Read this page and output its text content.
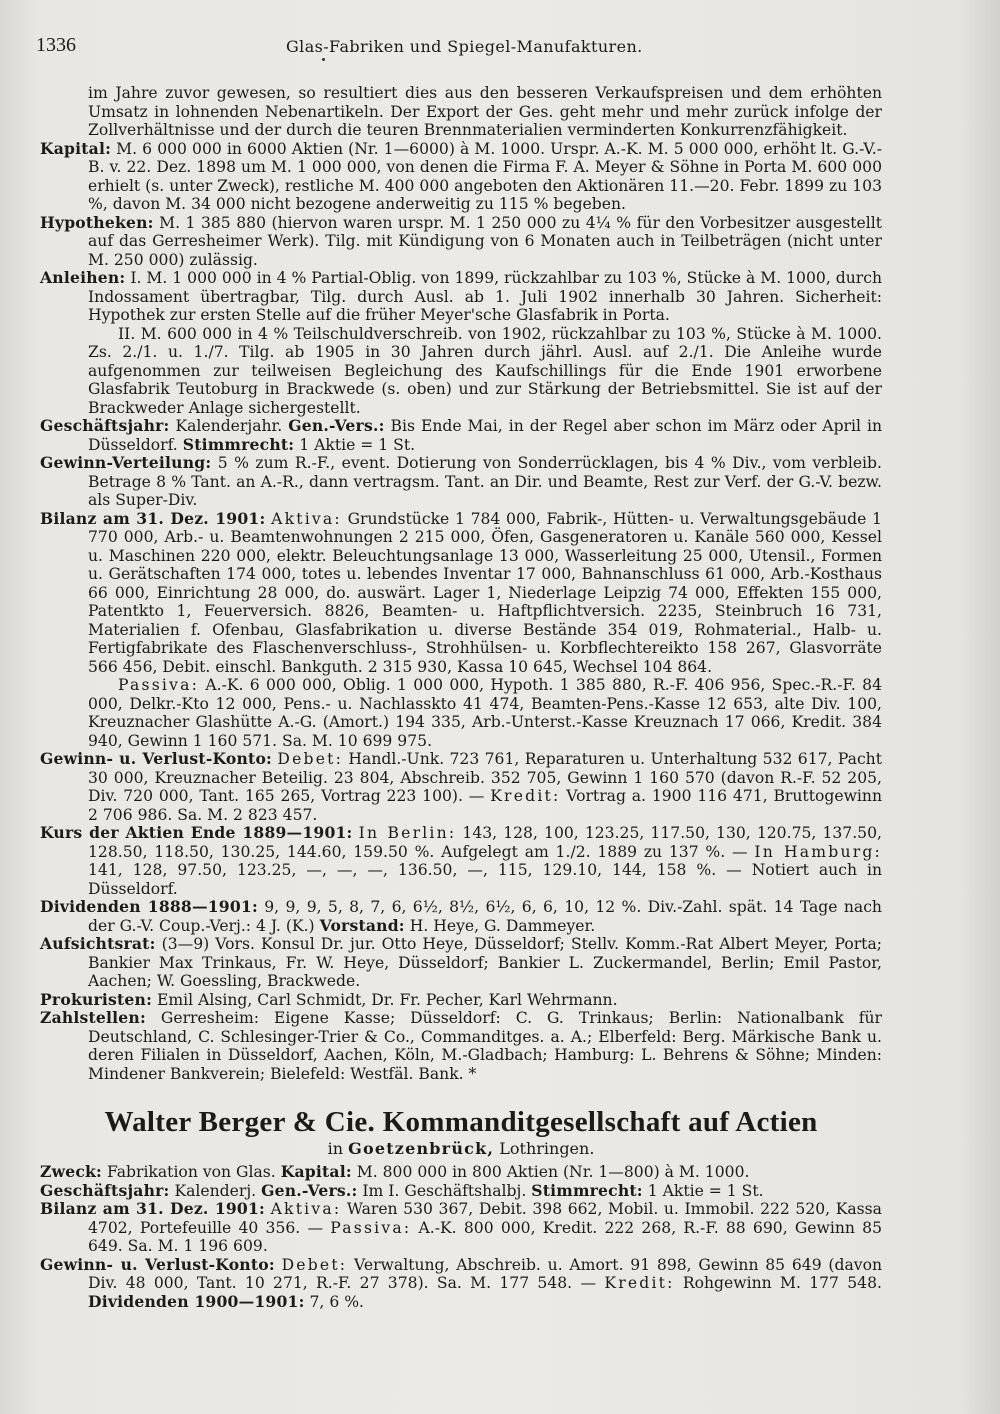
1336	Glas-Fabriken und Spiegel-Manufakturen.

im Jahre zuvor gewesen, so resultiert dies aus den besseren Verkaufspreisen und dem erhöhten Umsatz in lohnenden Nebenartikeln. Der Export der Ges. geht mehr und mehr zurück infolge der Zollverhältnisse und der durch die teuren Brennmaterialien verminderten Konkurrenzfähigkeit.

Kapital: M. 6 000 000 in 6000 Aktien (Nr. 1—6000) à M. 1000. Urspr. A.-K. M. 5 000 000, erhöht lt. G.-V.-B. v. 22. Dez. 1898 um M. 1 000 000, von denen die Firma F. A. Meyer & Söhne in Porta M. 600 000 erhielt (s. unter Zweck), restliche M. 400 000 angeboten den Aktionären 11.—20. Febr. 1899 zu 103 %, davon M. 34 000 nicht bezogene anderweitig zu 115 % begeben.

Hypotheken: M. 1 385 880 (hiervon waren urspr. M. 1 250 000 zu 4¼ % für den Vorbesitzer ausgestellt auf das Gerresheimer Werk). Tilg. mit Kündigung von 6 Monaten auch in Teilbeträgen (nicht unter M. 250 000) zulässig.

Anleihen: I. M. 1 000 000 in 4 % Partial-Oblig. von 1899, rückzahlbar zu 103 %, Stücke à M. 1000, durch Indossament übertragbar, Tilg. durch Ausl. ab 1. Juli 1902 innerhalb 30 Jahren. Sicherheit: Hypothek zur ersten Stelle auf die früher Meyer'sche Glasfabrik in Porta.

II. M. 600 000 in 4 % Teilschuldverschreib. von 1902, rückzahlbar zu 103 %, Stücke à M. 1000. Zs. 2./1. u. 1./7. Tilg. ab 1905 in 30 Jahren durch jährl. Ausl. auf 2./1. Die Anleihe wurde aufgenommen zur teilweisen Begleichung des Kaufschillings für die Ende 1901 erworbene Glasfabrik Teutoburg in Brackwede (s. oben) und zur Stärkung der Betriebsmittel. Sie ist auf der Brackweder Anlage sichergestellt.

Geschäftsjahr: Kalenderjahr. Gen.-Vers.: Bis Ende Mai, in der Regel aber schon im März oder April in Düsseldorf. Stimmrecht: 1 Aktie = 1 St.

Gewinn-Verteilung: 5 % zum R.-F., event. Dotierung von Sonderrücklagen, bis 4 % Div., vom verbleib. Betrage 8 % Tant. an A.-R., dann vertragsm. Tant. an Dir. und Beamte, Rest zur Verf. der G.-V. bezw. als Super-Div.

Bilanz am 31. Dez. 1901: Aktiva: Grundstücke 1 784 000, Fabrik-, Hütten- u. Verwaltungsgebäude 1 770 000, Arb.- u. Beamtenwohnungen 2 215 000, Öfen, Gasgeneratoren u. Kanäle 560 000, Kessel u. Maschinen 220 000, elektr. Beleuchtungsanlage 13 000, Wasserleitung 25 000, Utensil., Formen u. Gerätschaften 174 000, totes u. lebendes Inventar 17 000, Bahnanschluss 61 000, Arb.-Kosthaus 66 000, Einrichtung 28 000, do. auswärt. Lager 1, Niederlage Leipzig 74 000, Effekten 155 000, Patentkto 1, Feuerversich. 8826, Beamten- u. Haftpflichtversich. 2235, Steinbruch 16 731, Materialien f. Ofenbau, Glasfabrikation u. diverse Bestände 354 019, Rohmaterial., Halb- u. Fertigfabrikate des Flaschenverschluss-, Strohhülsen- u. Korbflechtereikto 158 267, Glasvorräte 566 456, Debit. einschl. Bankguth. 2 315 930, Kassa 10 645, Wechsel 104 864.

Passiva: A.-K. 6 000 000, Oblig. 1 000 000, Hypoth. 1 385 880, R.-F. 406 956, Spec.-R.-F. 84 000, Delkr.-Kto 12 000, Pens.- u. Nachlasskto 41 474, Beamten-Pens.-Kasse 12 653, alte Div. 100, Kreuznacher Glashütte A.-G. (Amort.) 194 335, Arb.-Unterst.-Kasse Kreuznach 17 066, Kredit. 384 940, Gewinn 1 160 571. Sa. M. 10 699 975.

Gewinn- u. Verlust-Konto: Debet: Handl.-Unk. 723 761, Reparaturen u. Unterhaltung 532 617, Pacht 30 000, Kreuznacher Beteilig. 23 804, Abschreib. 352 705, Gewinn 1 160 570 (davon R.-F. 52 205, Div. 720 000, Tant. 165 265, Vortrag 223 100). — Kredit: Vortrag a. 1900 116 471, Bruttogewinn 2 706 986. Sa. M. 2 823 457.

Kurs der Aktien Ende 1889—1901: In Berlin: 143, 128, 100, 123.25, 117.50, 130, 120.75, 137.50, 128.50, 118.50, 130.25, 144.60, 159.50 %. Aufgelegt am 1./2. 1889 zu 137 %. — In Hamburg: 141, 128, 97.50, 123.25, —, —, —, 136.50, —, 115, 129.10, 144, 158 %. — Notiert auch in Düsseldorf.

Dividenden 1888—1901: 9, 9, 9, 5, 8, 7, 6, 6½, 8½, 6½, 6, 6, 10, 12 %. Div.-Zahl. spät. 14 Tage nach der G.-V. Coup.-Verj.: 4 J. (K.) Vorstand: H. Heye, G. Dammeyer.

Aufsichtsrat: (3—9) Vors. Konsul Dr. jur. Otto Heye, Düsseldorf; Stellv. Komm.-Rat Albert Meyer, Porta; Bankier Max Trinkaus, Fr. W. Heye, Düsseldorf; Bankier L. Zuckermandel, Berlin; Emil Pastor, Aachen; W. Goessling, Brackwede.

Prokuristen: Emil Alsing, Carl Schmidt, Dr. Fr. Pecher, Karl Wehrmann.

Zahlstellen: Gerresheim: Eigene Kasse; Düsseldorf: C. G. Trinkaus; Berlin: Nationalbank für Deutschland, C. Schlesinger-Trier & Co., Commanditges. a. A.; Elberfeld: Berg. Märkische Bank u. deren Filialen in Düsseldorf, Aachen, Köln, M.-Gladbach; Hamburg: L. Behrens & Söhne; Minden: Mindener Bankverein; Bielefeld: Westfäl. Bank. *

Walter Berger & Cie. Kommanditgesellschaft auf Actien

in Goetzenbrück, Lothringen.

Zweck: Fabrikation von Glas. Kapital: M. 800 000 in 800 Aktien (Nr. 1—800) à M. 1000.

Geschäftsjahr: Kalenderj. Gen.-Vers.: Im I. Geschäftshalbj. Stimmrecht: 1 Aktie = 1 St.

Bilanz am 31. Dez. 1901: Aktiva: Waren 530 367, Debit. 398 662, Mobil. u. Immobil. 222 520, Kassa 4702, Portefeuille 40 356. — Passiva: A.-K. 800 000, Kredit. 222 268, R.-F. 88 690, Gewinn 85 649. Sa. M. 1 196 609.

Gewinn- u. Verlust-Konto: Debet: Verwaltung, Abschreib. u. Amort. 91 898, Gewinn 85 649 (davon Div. 48 000, Tant. 10 271, R.-F. 27 378). Sa. M. 177 548. — Kredit: Rohgewinn M. 177 548. Dividenden 1900—1901: 7, 6 %.
